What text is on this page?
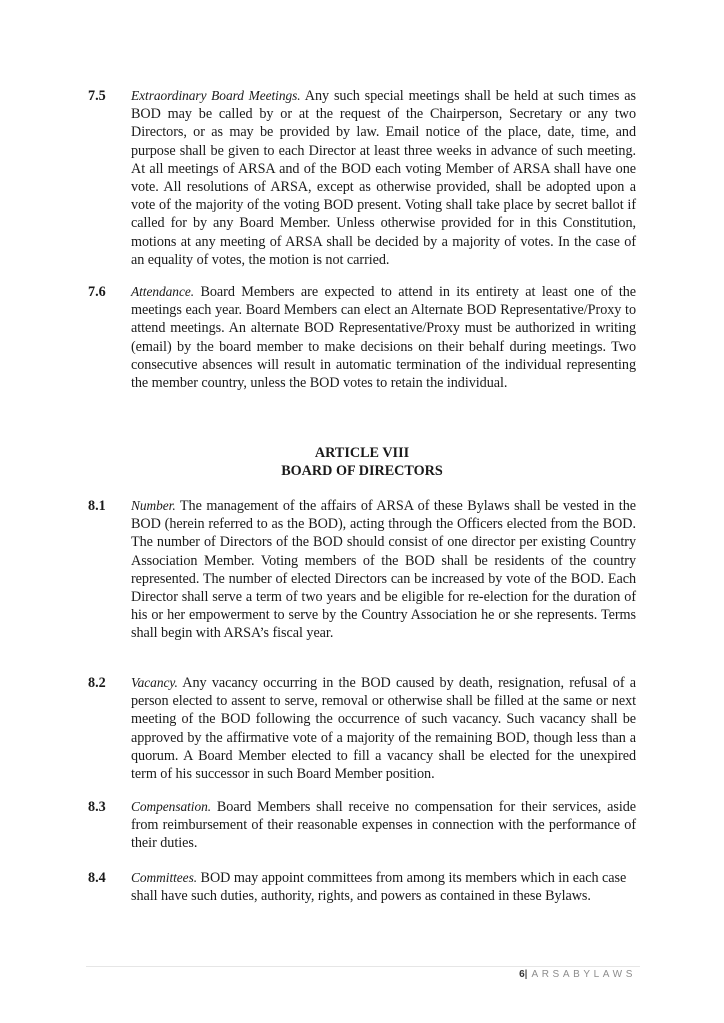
7.5	Extraordinary Board Meetings. Any such special meetings shall be held at such times as BOD may be called by or at the request of the Chairperson, Secretary or any two Directors, or as may be provided by law. Email notice of the place, date, time, and purpose shall be given to each Director at least three weeks in advance of such meeting. At all meetings of ARSA and of the BOD each voting Member of ARSA shall have one vote. All resolutions of ARSA, except as otherwise provided, shall be adopted upon a vote of the majority of the voting BOD present. Voting shall take place by secret ballot if called for by any Board Member. Unless otherwise provided for in this Constitution, motions at any meeting of ARSA shall be decided by a majority of votes. In the case of an equality of votes, the motion is not carried.
7.6	Attendance. Board Members are expected to attend in its entirety at least one of the meetings each year. Board Members can elect an Alternate BOD Representative/Proxy to attend meetings. An alternate BOD Representative/Proxy must be authorized in writing (email) by the board member to make decisions on their behalf during meetings. Two consecutive absences will result in automatic termination of the individual representing the member country, unless the BOD votes to retain the individual.
ARTICLE VIII
BOARD OF DIRECTORS
8.1	Number. The management of the affairs of ARSA of these Bylaws shall be vested in the BOD (herein referred to as the BOD), acting through the Officers elected from the BOD. The number of Directors of the BOD should consist of one director per existing Country Association Member. Voting members of the BOD shall be residents of the country represented. The number of elected Directors can be increased by vote of the BOD. Each Director shall serve a term of two years and be eligible for re-election for the duration of his or her empowerment to serve by the Country Association he or she represents. Terms shall begin with ARSA’s fiscal year.
8.2	Vacancy. Any vacancy occurring in the BOD caused by death, resignation, refusal of a person elected to assent to serve, removal or otherwise shall be filled at the same or next meeting of the BOD following the occurrence of such vacancy. Such vacancy shall be approved by the affirmative vote of a majority of the remaining BOD, though less than a quorum. A Board Member elected to fill a vacancy shall be elected for the unexpired term of his successor in such Board Member position.
8.3	Compensation. Board Members shall receive no compensation for their services, aside from reimbursement of their reasonable expenses in connection with the performance of their duties.
8.4	Committees. BOD may appoint committees from among its members which in each case shall have such duties, authority, rights, and powers as contained in these Bylaws.
6| ARSABYLAWS
